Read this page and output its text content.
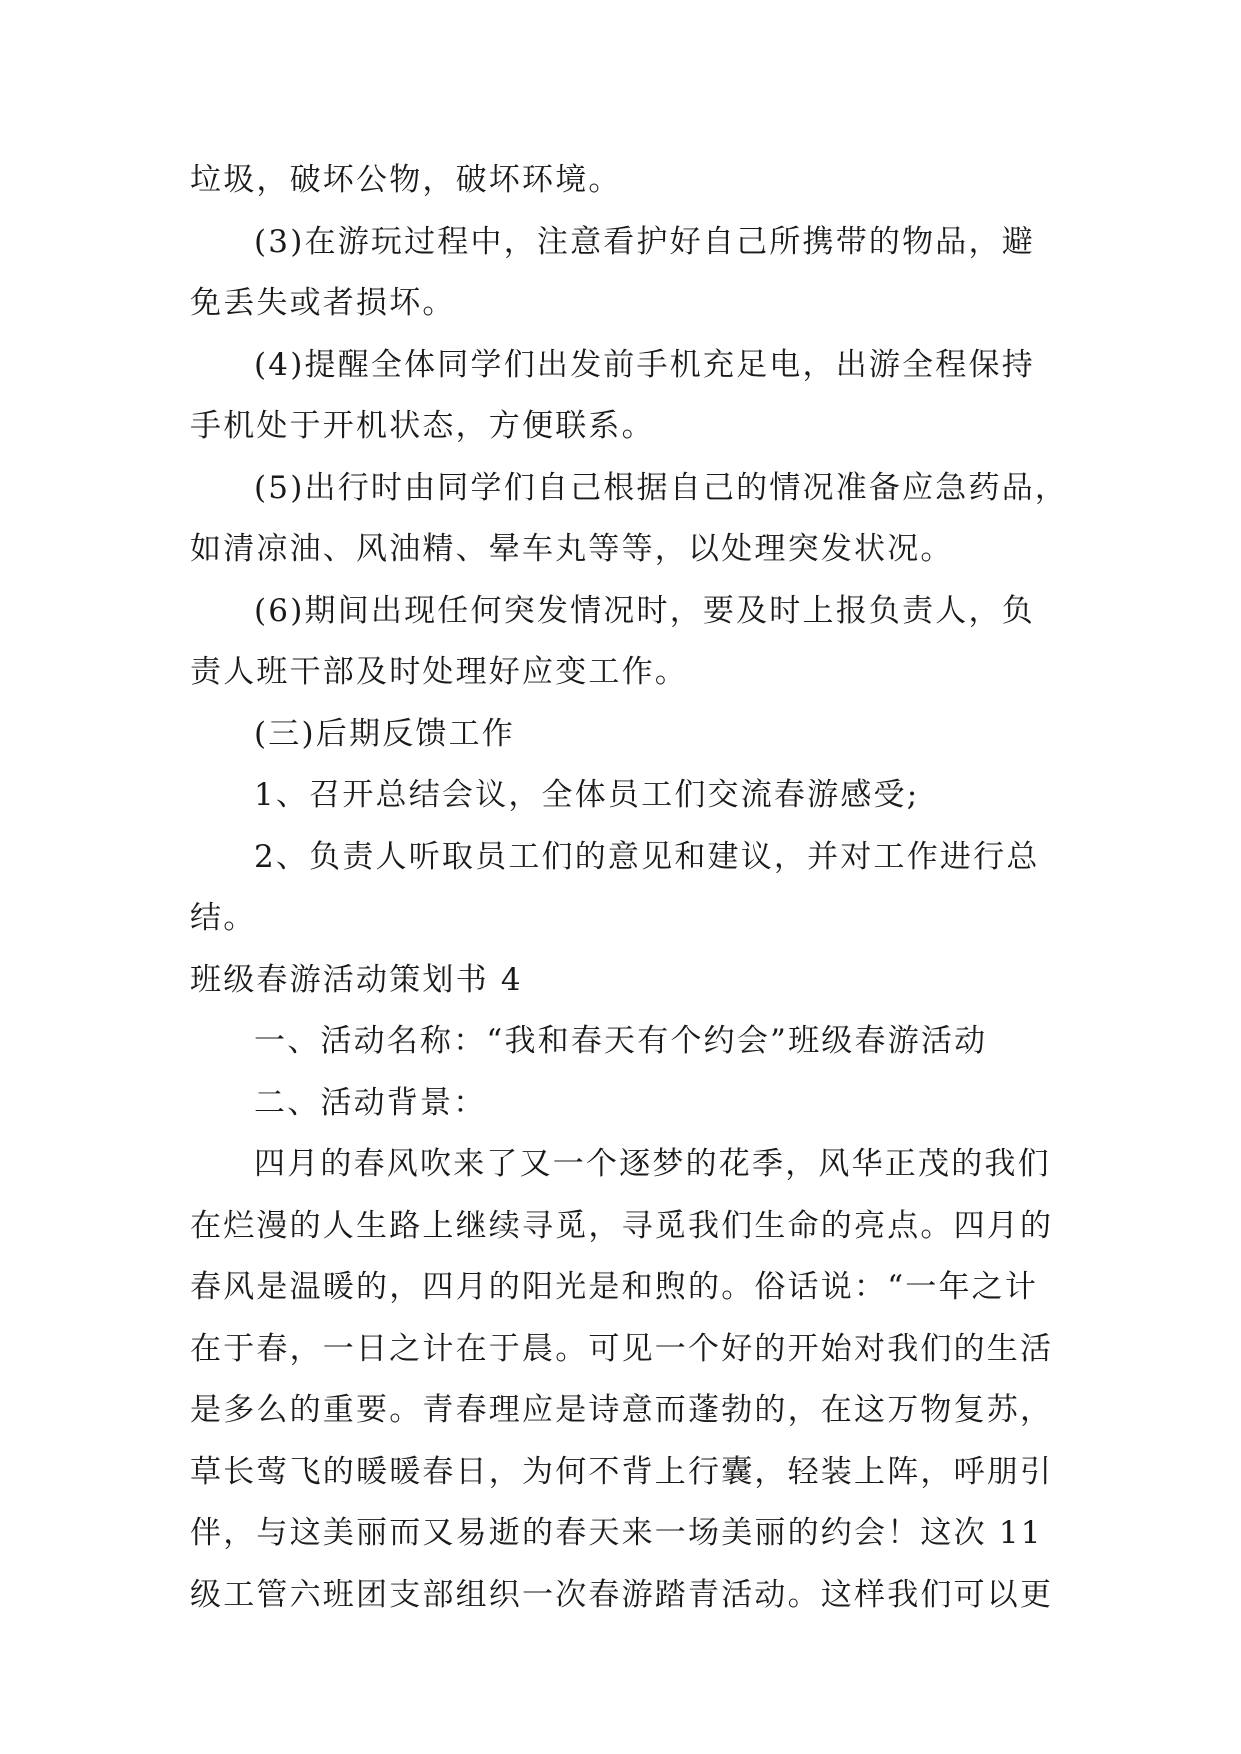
垃圾，破坏公物，破坏环境。
(3)在游玩过程中，注意看护好自己所携带的物品，避
免丢失或者损坏。
(4)提醒全体同学们出发前手机充足电，出游全程保持
手机处于开机状态，方便联系。
(5)出行时由同学们自己根据自己的情况准备应急药品，
如清凉油、风油精、晕车丸等等，以处理突发状况。
(6)期间出现任何突发情况时，要及时上报负责人，负
责人班干部及时处理好应变工作。
(三)后期反馈工作
1、召开总结会议，全体员工们交流春游感受;
2、负责人听取员工们的意见和建议，并对工作进行总
结。
班级春游活动策划书 4
一、活动名称：“我和春天有个约会”班级春游活动
二、活动背景：
四月的春风吹来了又一个逐梦的花季，风华正茂的我们
在烂漫的人生路上继续寻觅，寻觅我们生命的亮点。四月的
春风是温暖的，四月的阳光是和煦的。俗话说：“一年之计
在于春，一日之计在于晨。可见一个好的开始对我们的生活
是多么的重要。青春理应是诗意而蓬勃的，在这万物复苏，
草长莺飞的暖暖春日，为何不背上行囊，轻装上阵，呼朋引
伴，与这美丽而又易逝的春天来一场美丽的约会！这次 11
级工管六班团支部组织一次春游踏青活动。这样我们可以更
